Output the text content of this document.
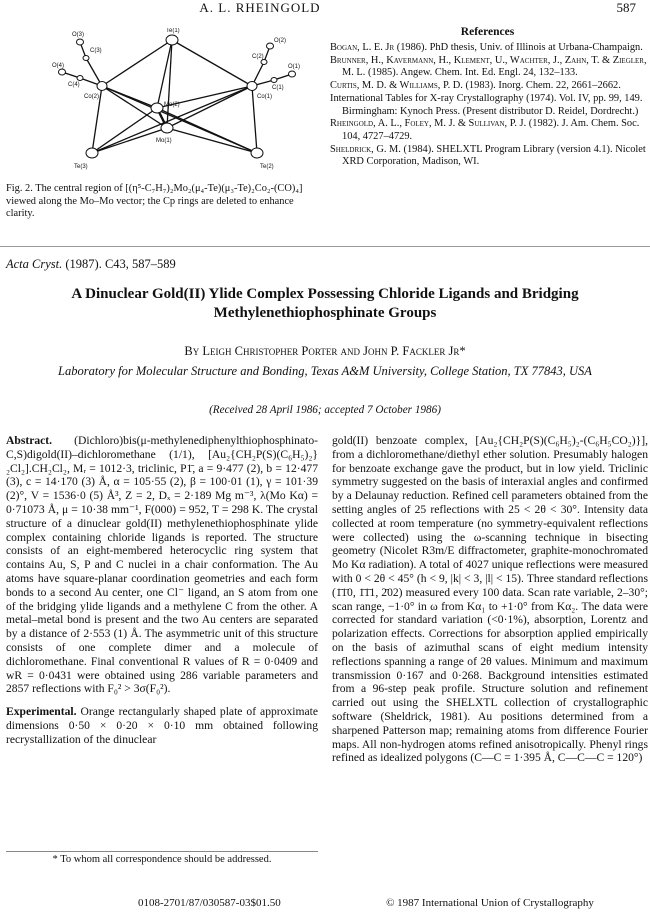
A. L. RHEINGOLD	587
Te(1)
Te(3)	Te(2)
Mo(2)
Mo(1)
Co(2)	Co(1)
C(4)
O(4)
C(3)
O(3)
C(1)
O(1)
C(2)
O(2)
Fig. 2. The central region of [(η⁵-C₇H₇)₂Mo₂(μ₄-Te)(μ₃-Te)₂Co₂-(CO)₄] viewed along the Mo–Mo vector; the Cp rings are deleted to enhance clarity.
References

Bogan, L. E. Jr (1986). PhD thesis, Univ. of Illinois at Urbana-Champaign.

Brunner, H., Kavermann, H., Klement, U., Wachter, J., Zahn, T. & Ziegler, M. L. (1985). Angew. Chem. Int. Ed. Engl. 24, 132–133.

Curtis, M. D. & Williams, P. D. (1983). Inorg. Chem. 22, 2661–2662.

International Tables for X-ray Crystallography (1974). Vol. IV, pp. 99, 149. Birmingham: Kynoch Press. (Present distributor D. Reidel, Dordrecht.)

Rheingold, A. L., Foley, M. J. & Sullivan, P. J. (1982). J. Am. Chem. Soc. 104, 4727–4729.

Sheldrick, G. M. (1984). SHELXTL Program Library (version 4.1). Nicolet XRD Corporation, Madison, WI.

Acta Cryst. (1987). C43, 587–589
A Dinuclear Gold(II) Ylide Complex Possessing Chloride Ligands and Bridging
Methylenethiophosphinate Groups
By Leigh Christopher Porter and John P. Fackler Jr*
Laboratory for Molecular Structure and Bonding, Texas A&M University, College Station, TX 77843, USA
(Received 28 April 1986; accepted 7 October 1986)

Abstract. (Dichloro)bis(μ-methylenediphenylthiophosphinato-C,S)digold(II)–dichloromethane (1/1), [Au₂{CH₂P(S)(C₆H₅)₂}₂Cl₂].CH₂Cl₂, Mᵣ = 1012·3, triclinic, P1̄, a = 9·477 (2), b = 12·477 (3), c = 14·170 (3) Å, α = 105·55 (2), β = 100·01 (1), γ = 101·39 (2)°, V = 1536·0 (5) Å³, Z = 2, Dₓ = 2·189 Mg m⁻³, λ(Mo Kα) = 0·71073 Å, μ = 10·38 mm⁻¹, F(000) = 952, T = 298 K. The crystal structure of a dinuclear gold(II) methylenethiophosphinate ylide complex containing chloride ligands is reported. The structure consists of an eight-membered heterocyclic ring system that contains Au, S, P and C nuclei in a chair conformation. The Au atoms have square-planar coordination geometries and each form bonds to a second Au center, one Cl⁻ ligand, an S atom from one of the bridging ylide ligands and a methylene C from the other. A metal–metal bond is present and the two Au centers are separated by a distance of 2·553 (1) Å. The asymmetric unit of this structure consists of one complete dimer and a molecule of dichloromethane. Final conventional R values of R = 0·0409 and wR = 0·0431 were obtained using 286 variable parameters and 2857 reflections with F₀² > 3σ(F₀²).

Experimental. Orange rectangularly shaped plate of approximate dimensions 0·50 × 0·20 × 0·10 mm obtained following recrystallization of the dinuclear

gold(II) benzoate complex, [Au₂{CH₂P(S)(C₆H₅)₂-(C₆H₅CO₂)}], from a dichloromethane/diethyl ether solution. Presumably halogen for benzoate exchange gave the product, but in low yield. Triclinic symmetry suggested on the basis of interaxial angles and confirmed by a Delaunay reduction. Refined cell parameters obtained from the setting angles of 25 reflections with 25 < 2θ < 30°. Intensity data collected at room temperature (no symmetry-equivalent reflections were collected) using the ω-scanning technique in bisecting geometry (Nicolet R3m/E diffractometer, graphite-monochromated Mo Kα radiation). A total of 4027 unique reflections were measured with 0 < 2θ < 45° (h < 9, |k| < 3, |l| < 15). Three standard reflections (1̄1̄0, 1̄1̄1, 2̄02) measured every 100 data. Scan rate variable, 2–30°; scan range, −1·0° in ω from Kα₁ to +1·0° from Kα₂. The data were corrected for standard variation (<0·1%), absorption, Lorentz and polarization effects. Corrections for absorption applied empirically on the basis of azimuthal scans of eight medium intensity reflections spanning a range of 2θ values. Minimum and maximum transmission 0·167 and 0·268. Background intensities estimated from a 96-step peak profile. Structure solution and refinement carried out using the SHELXTL collection of crystallographic software (Sheldrick, 1981). Au positions determined from a sharpened Patterson map; remaining atoms from difference Fourier maps. All non-hydrogen atoms refined anisotropically. Phenyl rings refined as idealized polygons (C—C = 1·395 Å, C—C—C = 120°)

* To whom all correspondence should be addressed.
0108-2701/87/030587-03$01.50	© 1987 International Union of Crystallography
